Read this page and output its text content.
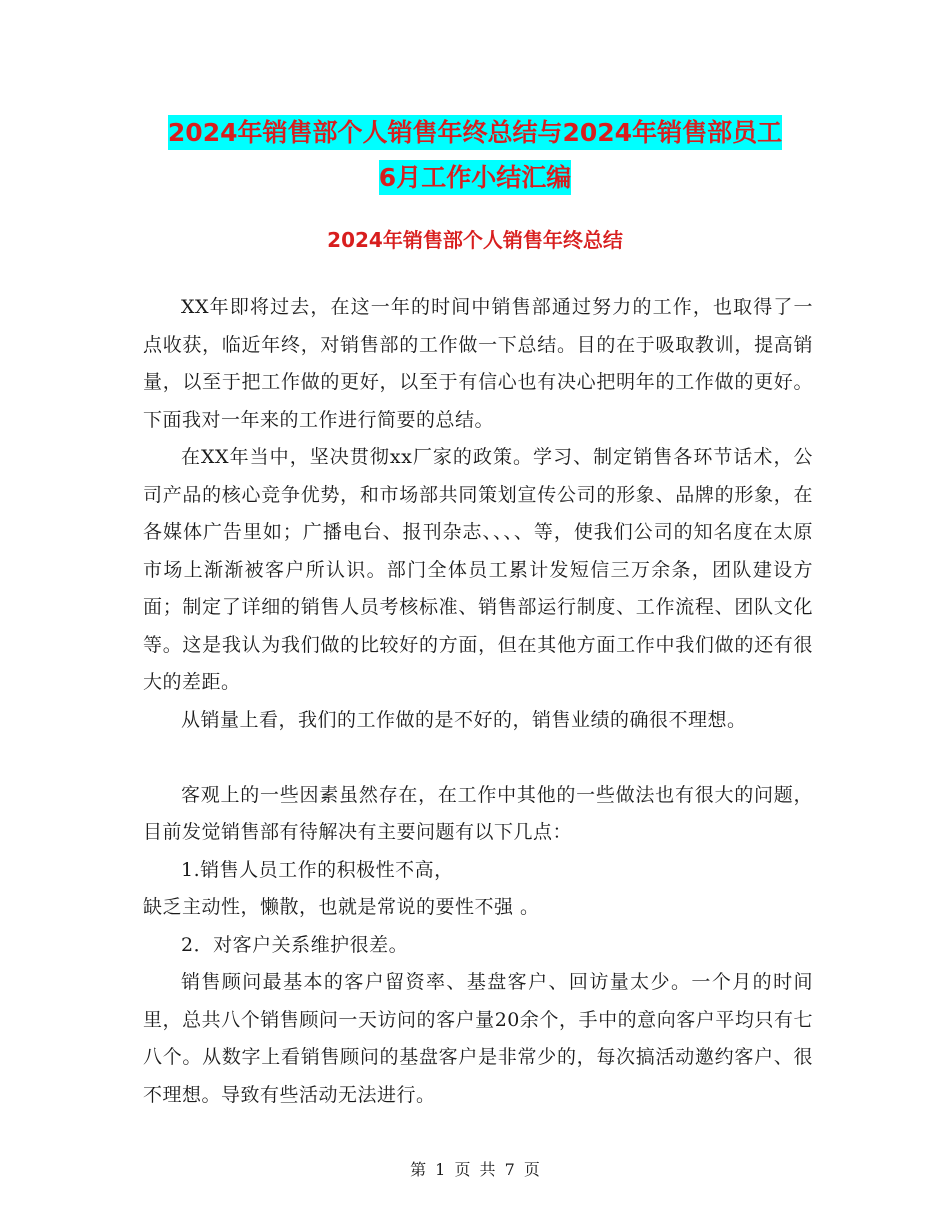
2024年销售部个人销售年终总结与2024年销售部员工
6月工作小结汇编
2024年销售部个人销售年终总结

XX年即将过去，在这一年的时间中销售部通过努力的工作，也取得了一点收获，临近年终，对销售部的工作做一下总结。目的在于吸取教训，提高销量，以至于把工作做的更好，以至于有信心也有决心把明年的工作做的更好。下面我对一年来的工作进行简要的总结。

在XX年当中，坚决贯彻xx厂家的政策。学习、制定销售各环节话术，公司产品的核心竞争优势，和市场部共同策划宣传公司的形象、品牌的形象，在各媒体广告里如；广播电台、报刊杂志、、、、等，使我们公司的知名度在太原市场上渐渐被客户所认识。部门全体员工累计发短信三万余条，团队建设方面；制定了详细的销售人员考核标准、销售部运行制度、工作流程、团队文化等。这是我认为我们做的比较好的方面，但在其他方面工作中我们做的还有很大的差距。

从销量上看，我们的工作做的是不好的，销售业绩的确很不理想。

客观上的一些因素虽然存在，在工作中其他的一些做法也有很大的问题，目前发觉销售部有待解决有主要问题有以下几点：

1.销售人员工作的积极性不高，

缺乏主动性，懒散，也就是常说的要性不强 。

2．对客户关系维护很差。

销售顾问最基本的客户留资率、基盘客户、回访量太少。一个月的时间里，总共八个销售顾问一天访问的客户量20余个，手中的意向客户平均只有七八个。从数字上看销售顾问的基盘客户是非常少的，每次搞活动邀约客户、很不理想。导致有些活动无法进行。

第 1 页 共 7 页
